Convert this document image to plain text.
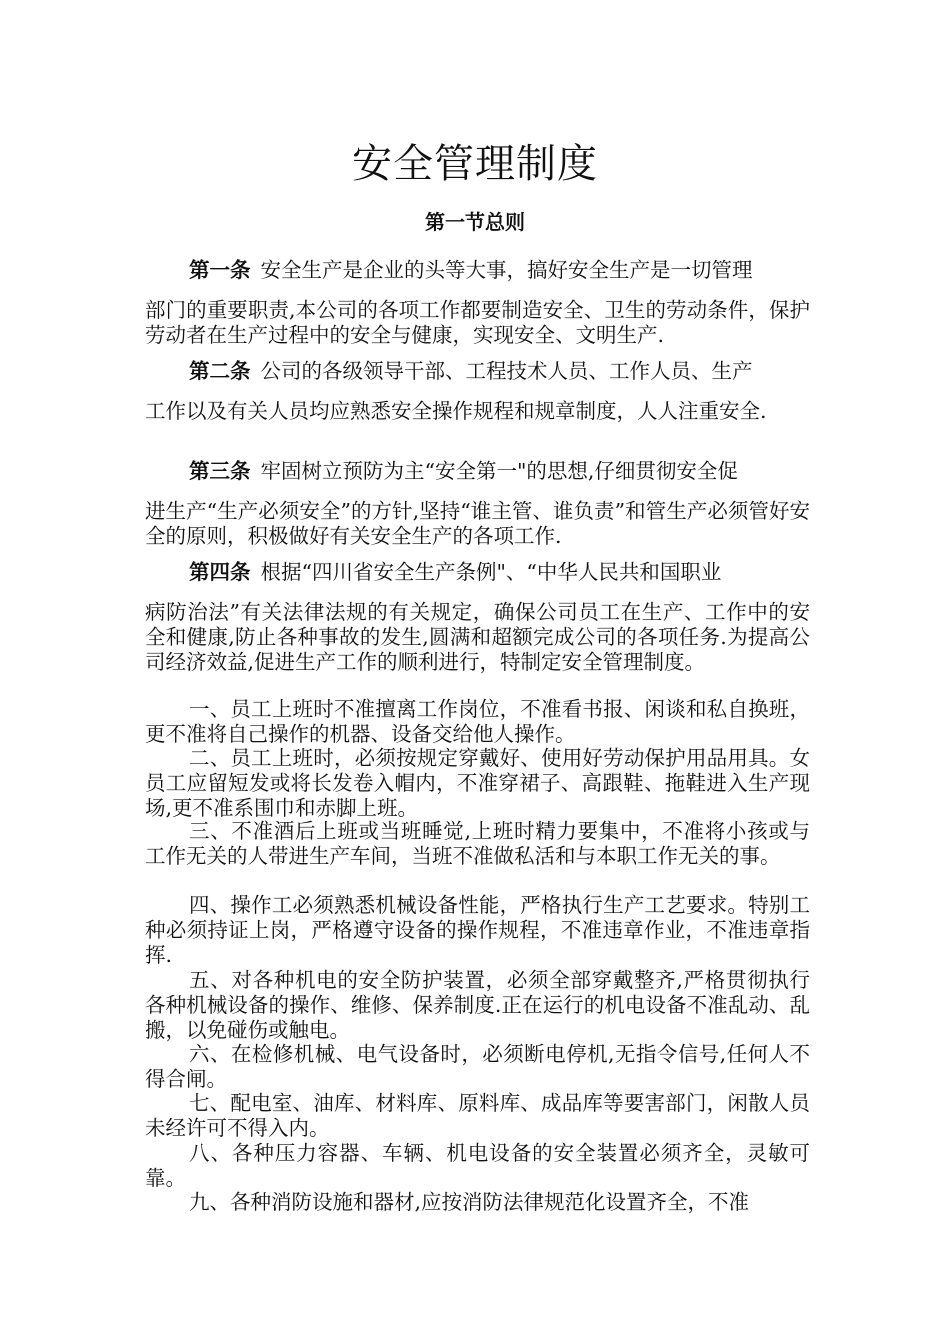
安全管理制度
第一节总则
第一条 安全生产是企业的头等大事，搞好安全生产是一切管理
部门的重要职责,本公司的各项工作都要制造安全、卫生的劳动条件，保护劳动者在生产过程中的安全与健康，实现安全、文明生产.
第二条 公司的各级领导干部、工程技术人员、工作人员、生产
工作以及有关人员均应熟悉安全操作规程和规章制度，人人注重安全.
第三条 牢固树立预防为主“安全第一"的思想,仔细贯彻安全促
进生产“生产必须安全”的方针,坚持“谁主管、谁负责”和管生产必须管好安全的原则，积极做好有关安全生产的各项工作.
第四条 根据“四川省安全生产条例"、“中华人民共和国职业
病防治法”有关法律法规的有关规定，确保公司员工在生产、工作中的安全和健康,防止各种事故的发生,圆满和超额完成公司的各项任务.为提高公司经济效益,促进生产工作的顺利进行，特制定安全管理制度。
一、员工上班时不准擅离工作岗位，不准看书报、闲谈和私自换班，更不准将自己操作的机器、设备交给他人操作。
二、员工上班时，必须按规定穿戴好、使用好劳动保护用品用具。女员工应留短发或将长发卷入帽内，不准穿裙子、高跟鞋、拖鞋进入生产现场,更不准系围巾和赤脚上班。
三、不准酒后上班或当班睡觉,上班时精力要集中，不准将小孩或与工作无关的人带进生产车间，当班不准做私活和与本职工作无关的事。
四、操作工必须熟悉机械设备性能，严格执行生产工艺要求。特别工种必须持证上岗，严格遵守设备的操作规程，不准违章作业，不准违章指挥.
五、对各种机电的安全防护装置，必须全部穿戴整齐,严格贯彻执行各种机械设备的操作、维修、保养制度.正在运行的机电设备不准乱动、乱搬，以免碰伤或触电。
六、在检修机械、电气设备时，必须断电停机,无指令信号,任何人不得合闸。
七、配电室、油库、材料库、原料库、成品库等要害部门，闲散人员未经许可不得入内。
八、各种压力容器、车辆、机电设备的安全装置必须齐全，灵敏可靠。
九、各种消防设施和器材,应按消防法律规范化设置齐全，不准
